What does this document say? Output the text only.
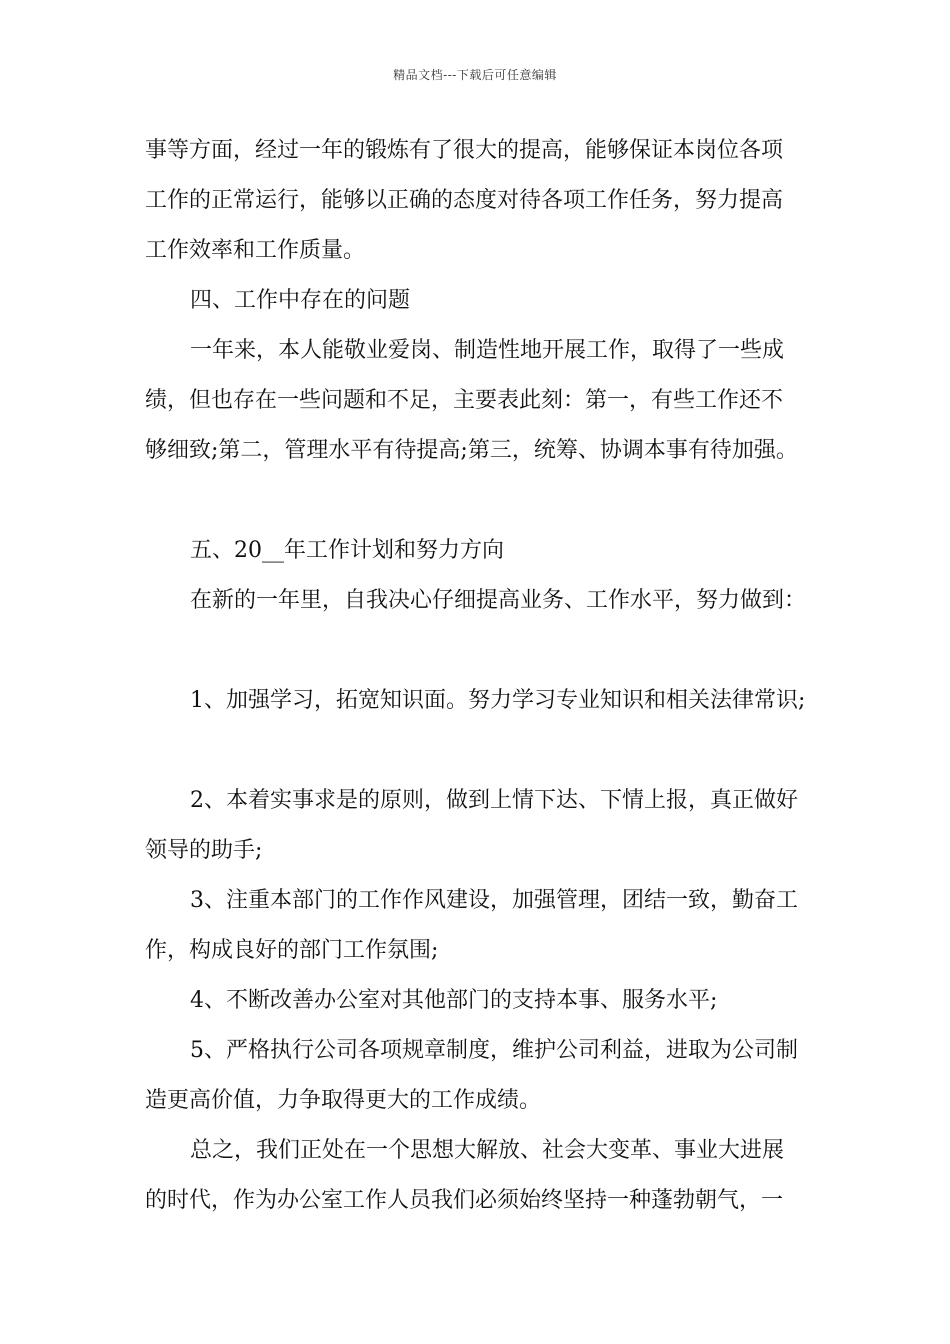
精品文档---下载后可任意编辑
事等方面，经过一年的锻炼有了很大的提高，能够保证本岗位各项
工作的正常运行，能够以正确的态度对待各项工作任务，努力提高
工作效率和工作质量。
四、工作中存在的问题
一年来，本人能敬业爱岗、制造性地开展工作，取得了一些成
绩，但也存在一些问题和不足，主要表此刻：第一，有些工作还不
够细致;第二，管理水平有待提高;第三，统筹、协调本事有待加强。
五、20__年工作计划和努力方向
在新的一年里，自我决心仔细提高业务、工作水平，努力做到：
1、加强学习，拓宽知识面。努力学习专业知识和相关法律常识;
2、本着实事求是的原则，做到上情下达、下情上报，真正做好
领导的助手;
3、注重本部门的工作作风建设，加强管理，团结一致，勤奋工
作，构成良好的部门工作氛围;
4、不断改善办公室对其他部门的支持本事、服务水平;
5、严格执行公司各项规章制度，维护公司利益，进取为公司制
造更高价值，力争取得更大的工作成绩。
总之，我们正处在一个思想大解放、社会大变革、事业大进展
的时代，作为办公室工作人员我们必须始终坚持一种蓬勃朝气，一
